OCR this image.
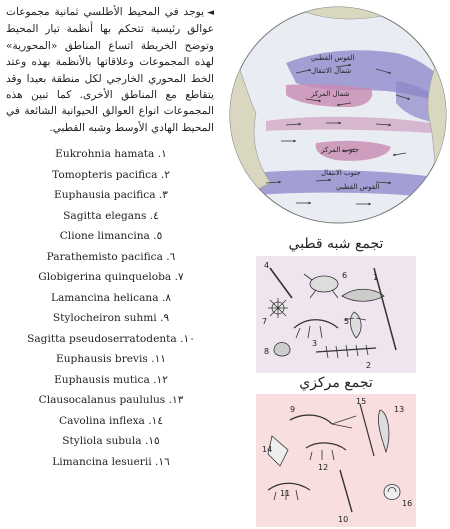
◄يوجد في المحيط الأطلسي ثمانية مجموعات عوالق رئيسية تتحكم بها أنظمة تيار المحيط وتوضح الخريطة اتساع المناطق «المحورية» لهذه المجموعات وعلاقاتها بالأنظمة بهذه وعتد الخط المحوري الخارجي لكل منطقة بعيدا وقد يتقاطع مع المناطق الأخرى. كما تبين هذه المجموعات انواع العوالق الحيوانية الشائعة في المحيط الهادي الأوسط وشبه القطبي.

١. Eukrohnia hamata
٢. Tomopteris pacifica
٣. Euphausia pacifica
٤. Sagitta elegans
٥. Clione limancina
٦. Parathemisto pacifica
٧. Globigerina quinqueloba
٨. Lamancina helicana
٩. Stylocheiron suhmi
١٠. Sagitta pseudoserratodenta
١١. Euphausis brevis
١٢. Euphausis mutica
١٣. Clausocalanus paululus
١٤. Cavolina inflexa
١٥. Styliola subula
١٦. Limancina lesuerii
القوس القطبي
شمال الانتقال
شمال المركز
جنوب المركز
جنوب الانتقال
القوس القطبي
تجمع شبه قطبي
4
6	1
7	5
3
8
2
تجمع مركزي
9
15
13
14
12
11
10
16
